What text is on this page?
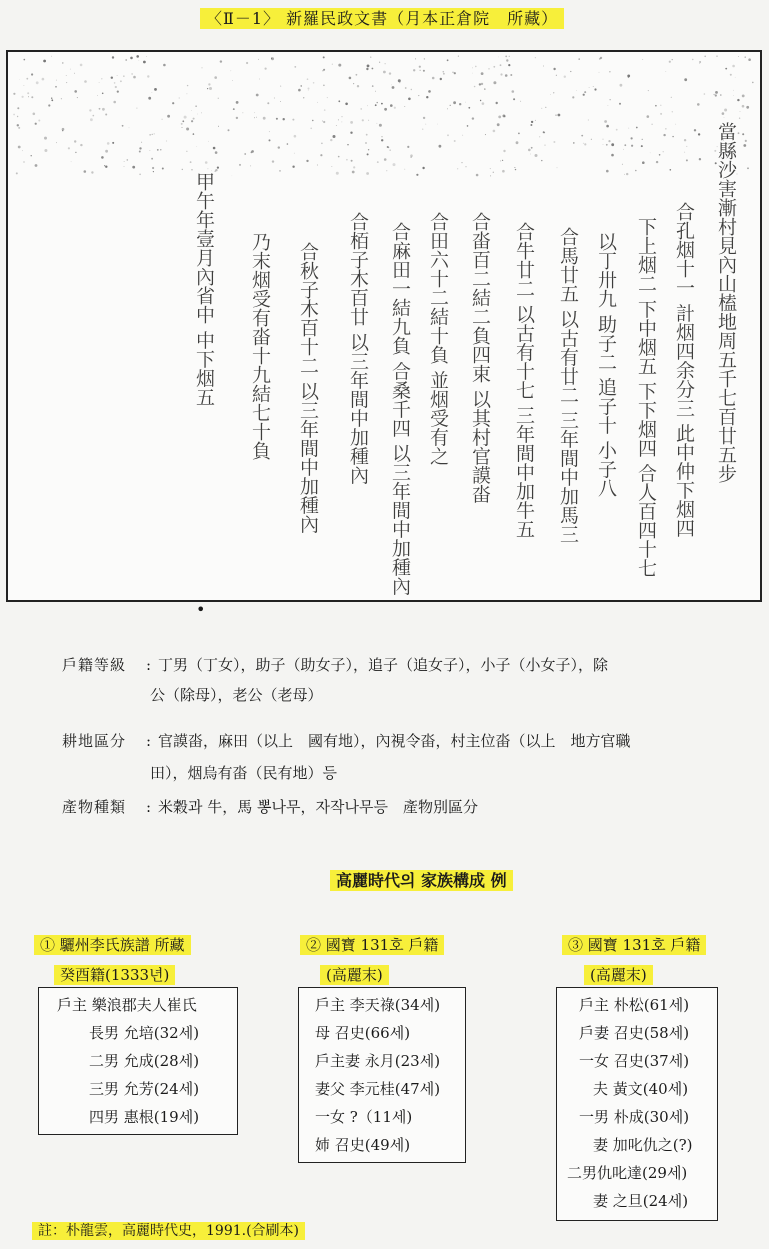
〈Ⅱ－1〉 新羅民政文書（月本正倉院　所藏）
當縣沙害漸村見內山榼地周五千七百廿五步
合孔烟十一 計烟四余分三 此中仲下烟四
下上烟二 下中烟五 下下烟四 合人百四十七
以丁卅九 助子二 追子十 小子八
合馬廿五 以古有廿二 三年間中加馬三
合牛廿二 以古有十七 三年間中加牛五
合畓百二結二負四束 以其村官謨畓
合田六十二結十負 並烟受有之
合麻田一結九負 合桑千四 以三年間中加種內
合栢子木百廿 以三年間中加種內
合秋子木百十二 以三年間中加種內
乃末烟受有畓十九結七十負
甲午年壹月內省中 中下烟五
•
戶籍等級 : 丁男（丁女），助子（助女子），追子（追女子），小子（小女子），除
公（除母），老公（老母）
耕地區分 : 官謨畓，麻田（以上　國有地），內視令畓，村主位畓（以上　地方官職
田），烟烏有畓（民有地）등
產物種類 : 米穀과 牛，馬 뽕나무，자작나무등　產物別區分
高麗時代의 家族構成 例
① 驪州李氏族譜 所藏
癸酉籍(1333년)
戶主 樂浪郡夫人崔氏
長男 允培(32세)
二男 允成(28세)
三男 允芳(24세)
四男 惠根(19세)
② 國寶 131호 戶籍
(高麗末)
戶主 李天祿(34세)
母 召史(66세)
戶主妻 永月(23세)
妻父 李元桂(47세)
一女 ?（11세)
姉 召史(49세)
③ 國寶 131호 戶籍
(高麗末)
戶主 朴松(61세)
戶妻 召史(58세)
一女 召史(37세)
夫 黃文(40세)
一男 朴成(30세)
妻 加叱仇之(?)
二男仇叱達(29세)
妻 之旦(24세)
註：朴龍雲，高麗時代史，1991.(合刷本)
